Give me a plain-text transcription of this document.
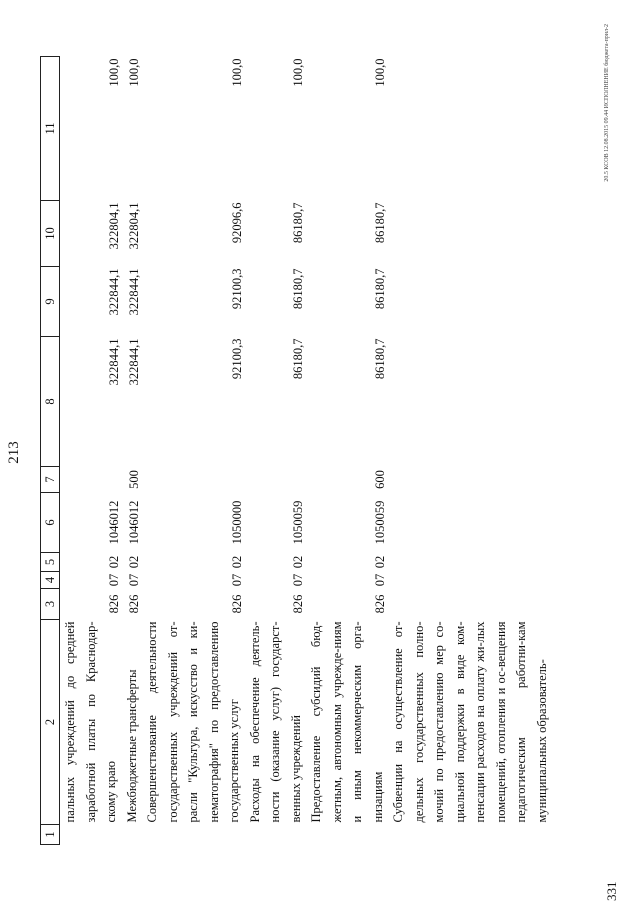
213
1	2	3	4	5	6	7	8	9	10	11
	пальных учреждений до средней заработной платы по Краснодар-скому краю	826	07	02	1046012		322844,1	322844,1	322804,1	100,0
	Межбюджетные трансферты	826	07	02	1046012	500	322844,1	322844,1	322804,1	100,0
	Совершенствование деятельности государственных учреждений от-расли "Культура, искусство и ки-нематография" по предоставлению государственных услуг	826	07	02	1050000		92100,3	92100,3	92096,6	100,0
	Расходы на обеспечение деятель-ности (оказание услуг) государст-венных учреждений	826	07	02	1050059		86180,7	86180,7	86180,7	100,0
	Предоставление субсидий бюд-жетным, автономным учрежде-ниям и иным некоммерческим орга-низациям	826	07	02	1050059	600	86180,7	86180,7	86180,7	100,0
	Субвенции на осуществление от-дельных государственных полно-мочий по предоставлению мер со-циальной поддержки в виде ком-пенсации расходов на оплату жи-лых помещений, отопления и ос-вещения педагогическим работни-кам муниципальных образователь-									
20.5 КСОВ 12.08.2015 09.44 ИСПОЛНЕНИЕ бюджета-прил-2
331
